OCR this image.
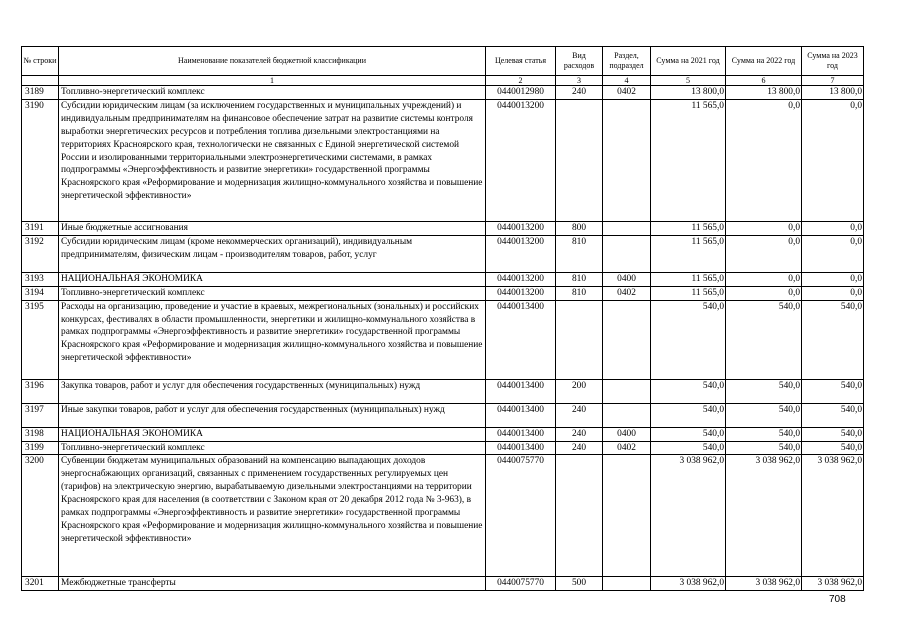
№ строки	Наименование показателей бюджетной классификации	Целевая статья	Вид расходов	Раздел, подраздел	Сумма на 2021 год	Сумма на 2022 год	Сумма на 2023 год
	1	2	3	4	5	6	7
3189	Топливно-энергетический комплекс	0440012980	240	0402	13 800,0	13 800,0	13 800,0
3190	Субсидии юридическим лицам (за исключением государственных и муниципальных учреждений) и индивидуальным предпринимателям на финансовое обеспечение затрат на развитие системы контроля выработки энергетических ресурсов и потребления топлива дизельными электростанциями на территориях Красноярского края, технологически не связанных с Единой энергетической системой России и изолированными территориальными электроэнергетическими системами, в рамках подпрограммы «Энергоэффективность и развитие энергетики» государственной программы Красноярского края «Реформирование и модернизация жилищно-коммунального хозяйства и повышение энергетической эффективности»	0440013200			11 565,0	0,0	0,0
3191	Иные бюджетные ассигнования	0440013200	800		11 565,0	0,0	0,0
3192	Субсидии юридическим лицам (кроме некоммерческих организаций), индивидуальным предпринимателям, физическим лицам - производителям товаров, работ, услуг	0440013200	810		11 565,0	0,0	0,0
3193	НАЦИОНАЛЬНАЯ ЭКОНОМИКА	0440013200	810	0400	11 565,0	0,0	0,0
3194	Топливно-энергетический комплекс	0440013200	810	0402	11 565,0	0,0	0,0
3195	Расходы на организацию, проведение и участие в краевых, межрегиональных (зональных) и российских конкурсах, фестивалях в области промышленности, энергетики и жилищно-коммунального хозяйства в рамках подпрограммы «Энергоэффективность и развитие энергетики» государственной программы Красноярского края «Реформирование и модернизация жилищно-коммунального хозяйства и повышение энергетической эффективности»	0440013400			540,0	540,0	540,0
3196	Закупка товаров, работ и услуг для обеспечения государственных (муниципальных) нужд	0440013400	200		540,0	540,0	540,0
3197	Иные закупки товаров, работ и услуг для обеспечения государственных (муниципальных) нужд	0440013400	240		540,0	540,0	540,0
3198	НАЦИОНАЛЬНАЯ ЭКОНОМИКА	0440013400	240	0400	540,0	540,0	540,0
3199	Топливно-энергетический комплекс	0440013400	240	0402	540,0	540,0	540,0
3200	Субвенции бюджетам муниципальных образований на компенсацию выпадающих доходов энергоснабжающих организаций, связанных с применением государственных регулируемых цен (тарифов) на электрическую энергию, вырабатываемую дизельными электростанциями на территории Красноярского края для населения (в соответствии с Законом края от 20 декабря 2012 года № 3-963), в рамках подпрограммы «Энергоэффективность и развитие энергетики» государственной программы Красноярского края «Реформирование и модернизация жилищно-коммунального хозяйства и повышение энергетической эффективности»	0440075770			3 038 962,0	3 038 962,0	3 038 962,0
3201	Межбюджетные трансферты	0440075770	500		3 038 962,0	3 038 962,0	3 038 962,0
708
